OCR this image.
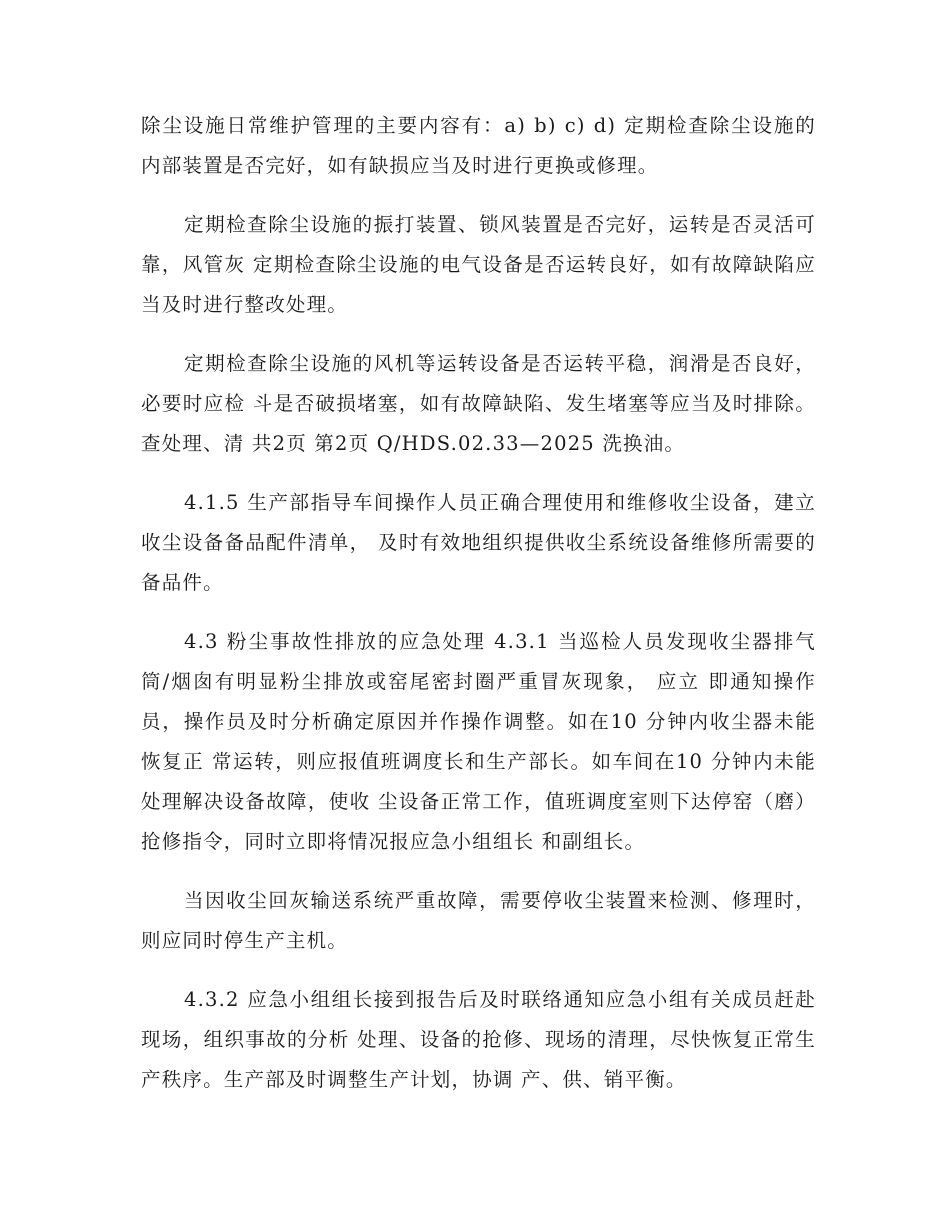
除尘设施日常维护管理的主要内容有：a) b) c) d) 定期检查除尘设施的内部装置是否完好，如有缺损应当及时进行更换或修理。

定期检查除尘设施的振打装置、锁风装置是否完好，运转是否灵活可靠，风管灰 定期检查除尘设施的电气设备是否运转良好，如有故障缺陷应当及时进行整改处理。

定期检查除尘设施的风机等运转设备是否运转平稳，润滑是否良好，必要时应检 斗是否破损堵塞，如有故障缺陷、发生堵塞等应当及时排除。 查处理、清 共2页 第2页 Q/HDS.02.33—2025 洗换油。

4.1.5 生产部指导车间操作人员正确合理使用和维修收尘设备，建立收尘设备备品配件清单， 及时有效地组织提供收尘系统设备维修所需要的备品件。

4.3 粉尘事故性排放的应急处理 4.3.1 当巡检人员发现收尘器排气筒/烟囱有明显粉尘排放或窑尾密封圈严重冒灰现象， 应立 即通知操作员，操作员及时分析确定原因并作操作调整。如在10 分钟内收尘器未能恢复正 常运转，则应报值班调度长和生产部长。如车间在10 分钟内未能处理解决设备故障，使收 尘设备正常工作，值班调度室则下达停窑（磨）抢修指令，同时立即将情况报应急小组组长 和副组长。

当因收尘回灰输送系统严重故障，需要停收尘装置来检测、修理时，则应同时停生产主机。

4.3.2 应急小组组长接到报告后及时联络通知应急小组有关成员赶赴现场，组织事故的分析 处理、设备的抢修、现场的清理，尽快恢复正常生产秩序。生产部及时调整生产计划，协调 产、供、销平衡。
